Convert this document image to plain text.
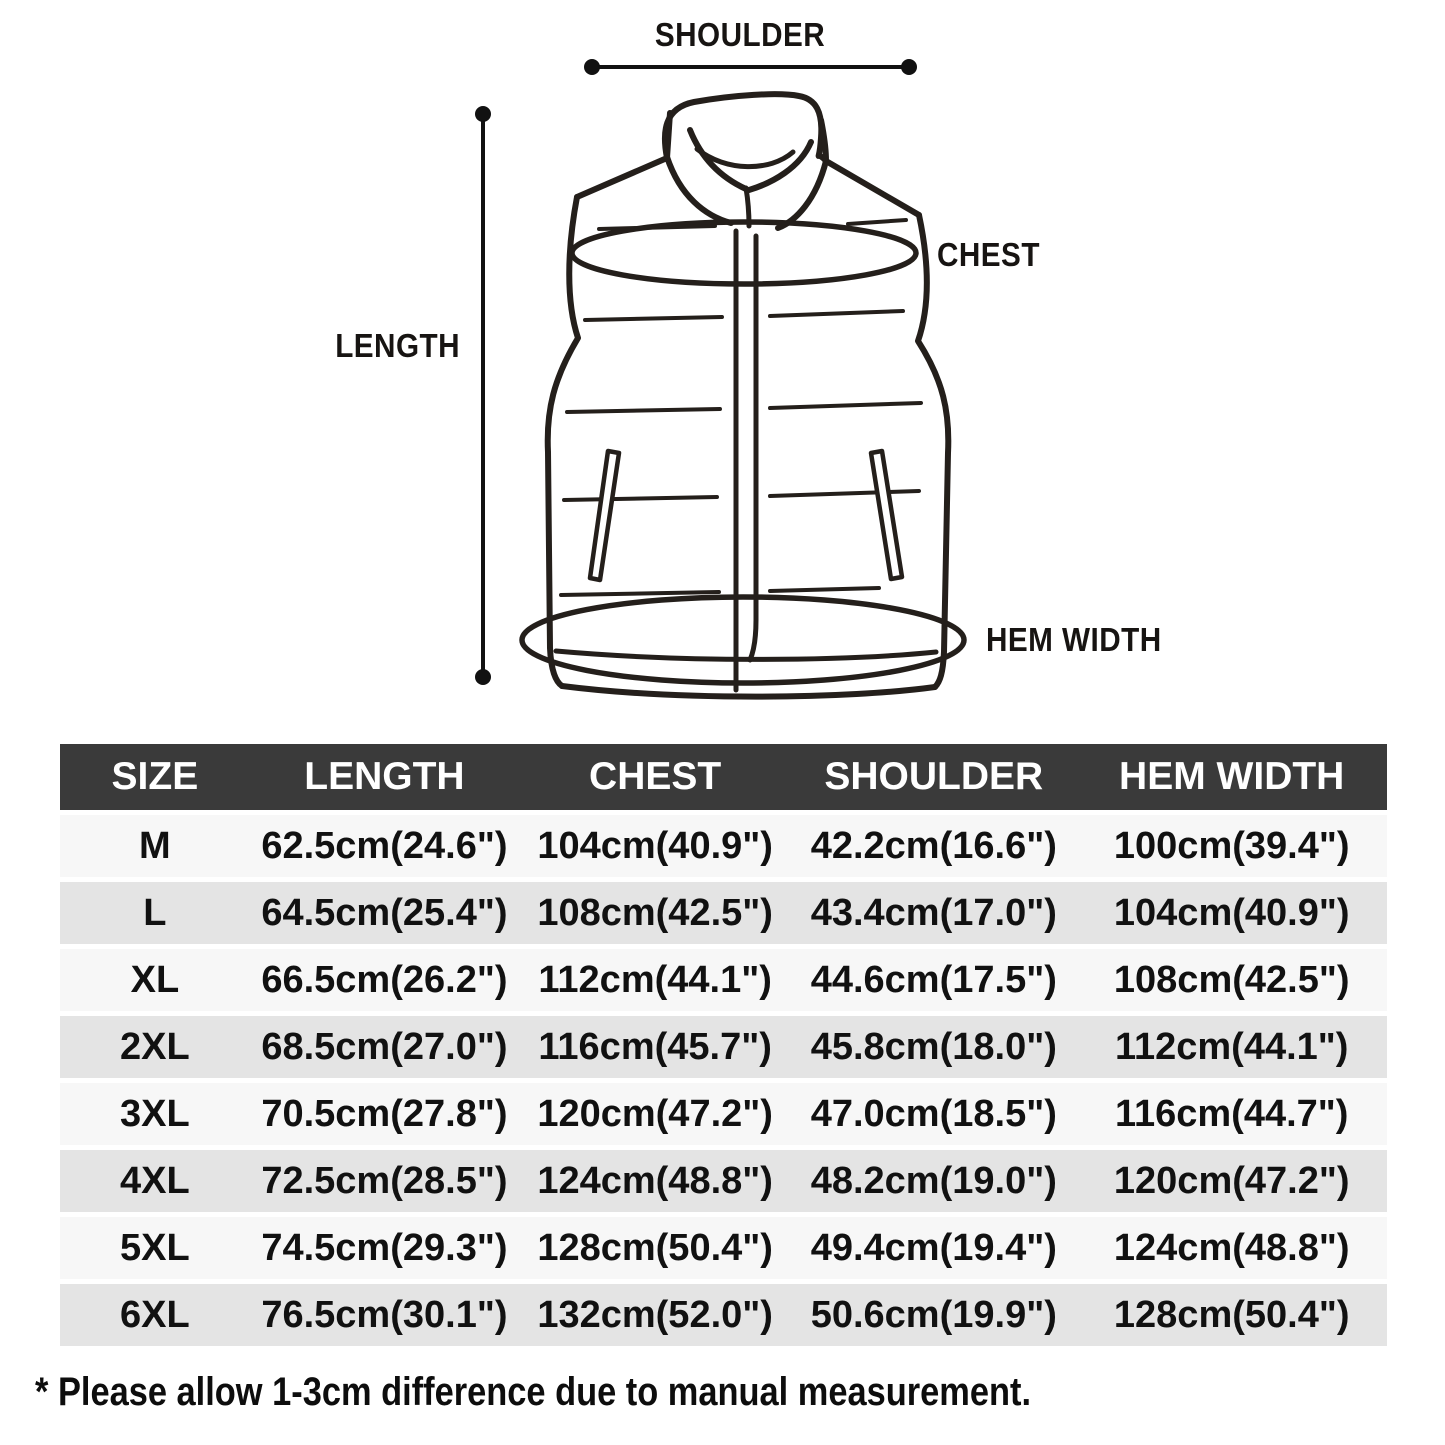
SHOULDER
LENGTH
CHEST
HEM WIDTH
SIZE	LENGTH	CHEST	SHOULDER	HEM WIDTH
M	62.5cm(24.6") 104cm(40.9") 42.2cm(16.6")	100cm(39.4")
L	64.5cm(25.4") 108cm(42.5") 43.4cm(17.0")	104cm(40.9")
XL	66.5cm(26.2") 112cm(44.1")	44.6cm(17.5")	108cm(42.5")
2XL	68.5cm(27.0") 116cm(45.7")	45.8cm(18.0")	112cm(44.1")
3XL	70.5cm(27.8") 120cm(47.2") 47.0cm(18.5")	116cm(44.7")
4XL	72.5cm(28.5") 124cm(48.8") 48.2cm(19.0")	120cm(47.2")
5XL	74.5cm(29.3") 128cm(50.4") 49.4cm(19.4")	124cm(48.8")
6XL	76.5cm(30.1") 132cm(52.0") 50.6cm(19.9")	128cm(50.4")
* Please allow 1-3cm difference due to manual measurement.
